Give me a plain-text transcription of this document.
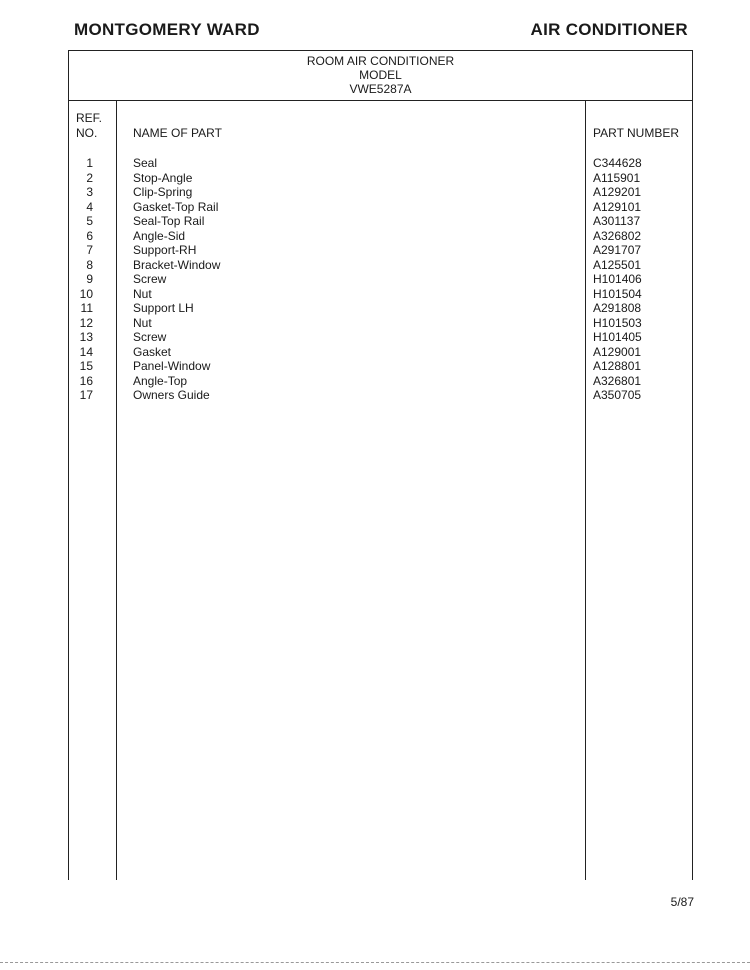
MONTGOMERY WARD	AIR CONDITIONER
ROOM AIR CONDITIONER
MODEL
VWE5287A
REF.
NO.	NAME OF PART	PART NUMBER
1	Seal	C344628
2	Stop-Angle	A115901
3	Clip-Spring	A129201
4	Gasket-Top Rail	A129101
5	Seal-Top Rail	A301137
6	Angle-Sid	A326802
7	Support-RH	A291707
8	Bracket-Window	A125501
9	Screw	H101406
10	Nut	H101504
11	Support LH	A291808
12	Nut	H101503
13	Screw	H101405
14	Gasket	A129001
15	Panel-Window	A128801
16	Angle-Top	A326801
17	Owners Guide	A350705
5/87
